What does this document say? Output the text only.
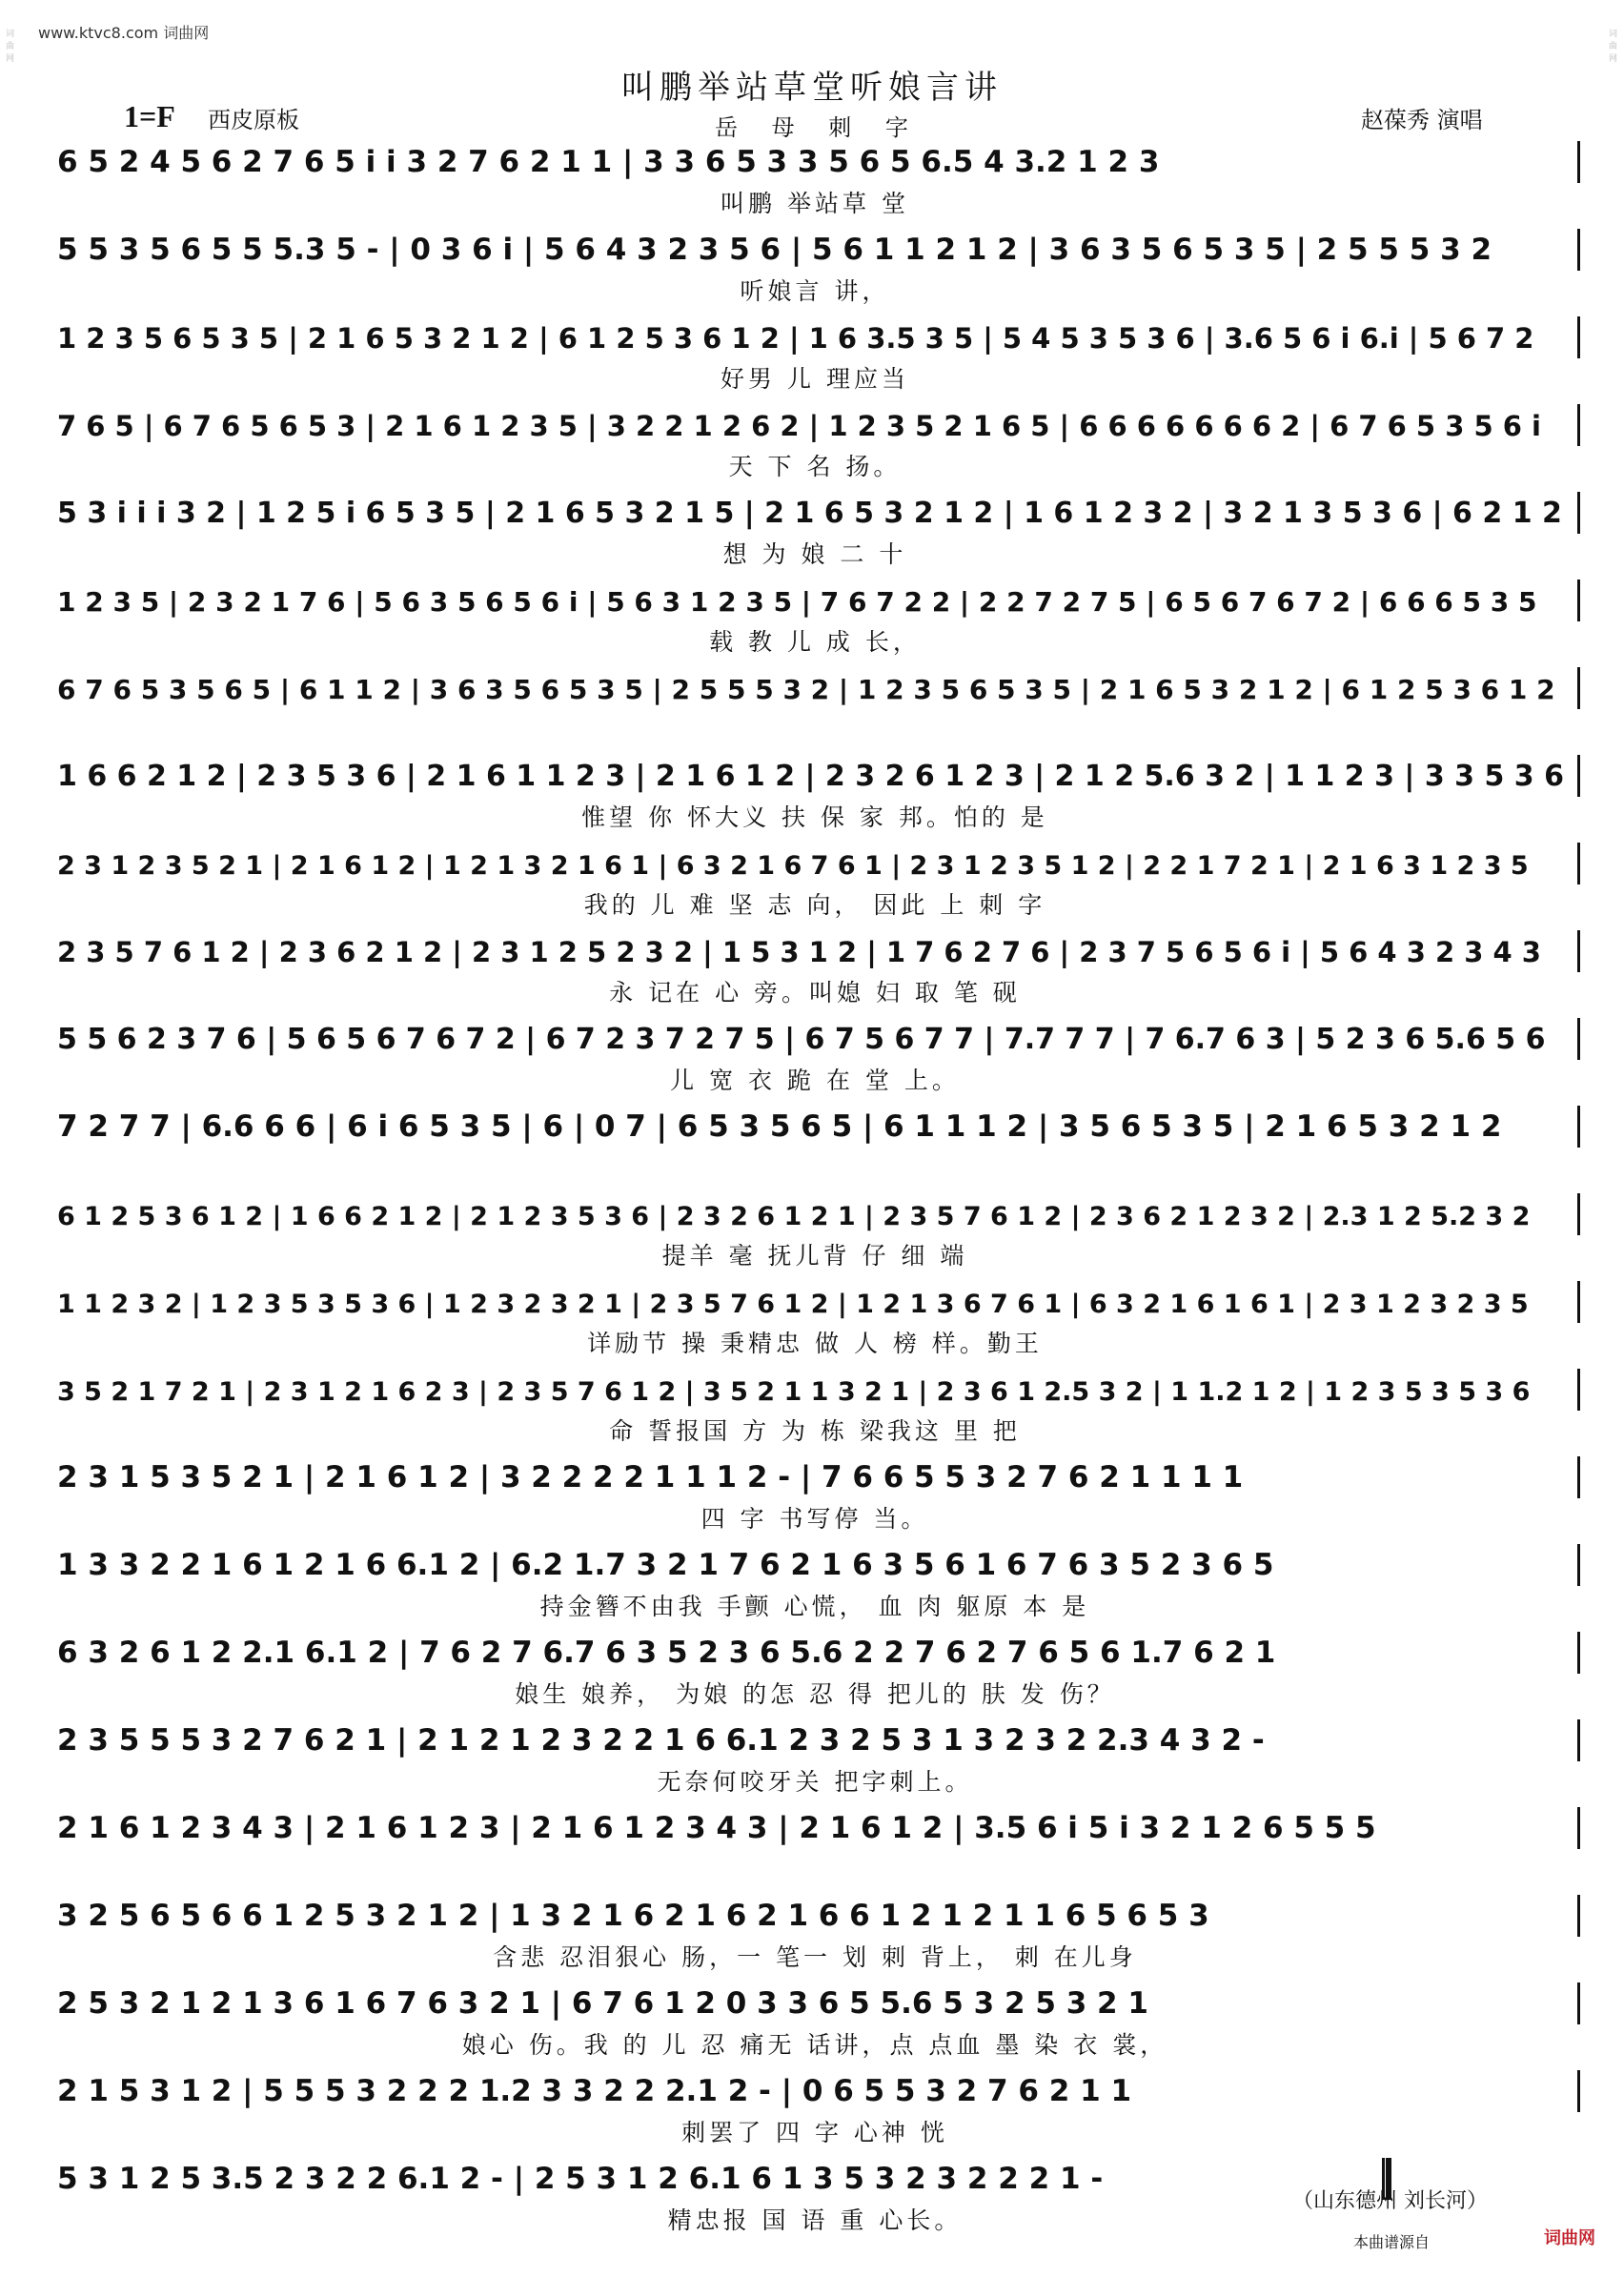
www.ktvc8.com 词曲网
词曲网
词曲网
叫鹏举站草堂听娘言讲
1=F 西皮原板	岳 母 刺 字	赵葆秀 演唱
6 5 2 4 5 6 2 7 6 5 i i 3 2 7 6 2 1 1 | 3 3 6 5 3 3 5 6 5 6.5 4 3.2 1 2 3
叫鹏 举站草 堂
5 5 3 5 6 5 5 5.3 5 - | 0 3 6 i | 5 6 4 3 2 3 5 6 | 5 6 1 1 2 1 2 | 3 6 3 5 6 5 3 5 | 2 5 5 5 3 2
听娘言 讲，
1 2 3 5 6 5 3 5 | 2 1 6 5 3 2 1 2 | 6 1 2 5 3 6 1 2 | 1 6 3.5 3 5 | 5 4 5 3 5 3 6 | 3.6 5 6 i 6.i | 5 6 7 2
好男 儿 理应当
7 6 5 | 6 7 6 5 6 5 3 | 2 1 6 1 2 3 5 | 3 2 2 1 2 6 2 | 1 2 3 5 2 1 6 5 | 6 6 6 6 6 6 6 2 | 6 7 6 5 3 5 6 i
天 下 名 扬。
5 3 i i i 3 2 | 1 2 5 i 6 5 3 5 | 2 1 6 5 3 2 1 5 | 2 1 6 5 3 2 1 2 | 1 6 1 2 3 2 | 3 2 1 3 5 3 6 | 6 2 1 2
想 为 娘 二 十
1 2 3 5 | 2 3 2 1 7 6 | 5 6 3 5 6 5 6 i | 5 6 3 1 2 3 5 | 7 6 7 2 2 | 2 2 7 2 7 5 | 6 5 6 7 6 7 2 | 6 6 6 5 3 5
载 教 儿 成 长，
6 7 6 5 3 5 6 5 | 6 1 1 2 | 3 6 3 5 6 5 3 5 | 2 5 5 5 3 2 | 1 2 3 5 6 5 3 5 | 2 1 6 5 3 2 1 2 | 6 1 2 5 3 6 1 2
1 6 6 2 1 2 | 2 3 5 3 6 | 2 1 6 1 1 2 3 | 2 1 6 1 2 | 2 3 2 6 1 2 3 | 2 1 2 5.6 3 2 | 1 1 2 3 | 3 3 5 3 6
惟望 你 怀大义 扶 保 家 邦。怕的 是
2 3 1 2 3 5 2 1 | 2 1 6 1 2 | 1 2 1 3 2 1 6 1 | 6 3 2 1 6 7 6 1 | 2 3 1 2 3 5 1 2 | 2 2 1 7 2 1 | 2 1 6 3 1 2 3 5
我的 儿 难 坚 志 向， 因此 上 刺 字
2 3 5 7 6 1 2 | 2 3 6 2 1 2 | 2 3 1 2 5 2 3 2 | 1 5 3 1 2 | 1 7 6 2 7 6 | 2 3 7 5 6 5 6 i | 5 6 4 3 2 3 4 3
永 记在 心 旁。叫媳 妇 取 笔 砚
5 5 6 2 3 7 6 | 5 6 5 6 7 6 7 2 | 6 7 2 3 7 2 7 5 | 6 7 5 6 7 7 | 7.7 7 7 | 7 6.7 6 3 | 5 2 3 6 5.6 5 6
儿 宽 衣 跪 在 堂 上。
7 2 7 7 | 6.6 6 6 | 6 i 6 5 3 5 | 6 | 0 7 | 6 5 3 5 6 5 | 6 1 1 1 2 | 3 5 6 5 3 5 | 2 1 6 5 3 2 1 2
6 1 2 5 3 6 1 2 | 1 6 6 2 1 2 | 2 1 2 3 5 3 6 | 2 3 2 6 1 2 1 | 2 3 5 7 6 1 2 | 2 3 6 2 1 2 3 2 | 2.3 1 2 5.2 3 2
提羊 毫 抚儿背 仔 细 端
1 1 2 3 2 | 1 2 3 5 3 5 3 6 | 1 2 3 2 3 2 1 | 2 3 5 7 6 1 2 | 1 2 1 3 6 7 6 1 | 6 3 2 1 6 1 6 1 | 2 3 1 2 3 2 3 5
详励节 操 秉精忠 做 人 榜 样。勤王
3 5 2 1 7 2 1 | 2 3 1 2 1 6 2 3 | 2 3 5 7 6 1 2 | 3 5 2 1 1 3 2 1 | 2 3 6 1 2.5 3 2 | 1 1.2 1 2 | 1 2 3 5 3 5 3 6
命 誓报国 方 为 栋 梁我这 里 把
2 3 1 5 3 5 2 1 | 2 1 6 1 2 | 3 2 2 2 2 1 1 1 2 - | 7 6 6 5 5 3 2 7 6 2 1 1 1 1
四 字 书写停 当。
1 3 3 2 2 1 6 1 2 1 6 6.1 2 | 6.2 1.7 3 2 1 7 6 2 1 6 3 5 6 1 6 7 6 3 5 2 3 6 5
持金簪不由我 手颤 心慌， 血 肉 躯原 本 是
6 3 2 6 1 2 2.1 6.1 2 | 7 6 2 7 6.7 6 3 5 2 3 6 5.6 2 2 7 6 2 7 6 5 6 1.7 6 2 1
娘生 娘养， 为娘 的怎 忍 得 把儿的 肤 发 伤？
2 3 5 5 5 3 2 7 6 2 1 | 2 1 2 1 2 3 2 2 1 6 6.1 2 3 2 5 3 1 3 2 3 2 2.3 4 3 2 -
无奈何咬牙关 把字刺上。
2 1 6 1 2 3 4 3 | 2 1 6 1 2 3 | 2 1 6 1 2 3 4 3 | 2 1 6 1 2 | 3.5 6 i 5 i 3 2 1 2 6 5 5 5
3 2 5 6 5 6 6 1 2 5 3 2 1 2 | 1 3 2 1 6 2 1 6 2 1 6 6 1 2 1 2 1 1 6 5 6 5 3
含悲 忍泪狠心 肠，一 笔一 划 刺 背上， 刺 在儿身
2 5 3 2 1 2 1 3 6 1 6 7 6 3 2 1 | 6 7 6 1 2 0 3 3 6 5 5.6 5 3 2 5 3 2 1
娘心 伤。我 的 儿 忍 痛无 话讲，点 点血 墨 染 衣 裳，
2 1 5 3 1 2 | 5 5 5 3 2 2 2 1.2 3 3 2 2 2.1 2 - | 0 6 5 5 3 2 7 6 2 1 1
刺罢了 四 字 心神 恍
5 3 1 2 5 3.5 2 3 2 2 6.1 2 - | 2 5 3 1 2 6.1 6 1 3 5 3 2 3 2 2 2 1 -
精忠报 国 语 重 心长。
（山东德州 刘长河）
本曲谱源自	词曲网
